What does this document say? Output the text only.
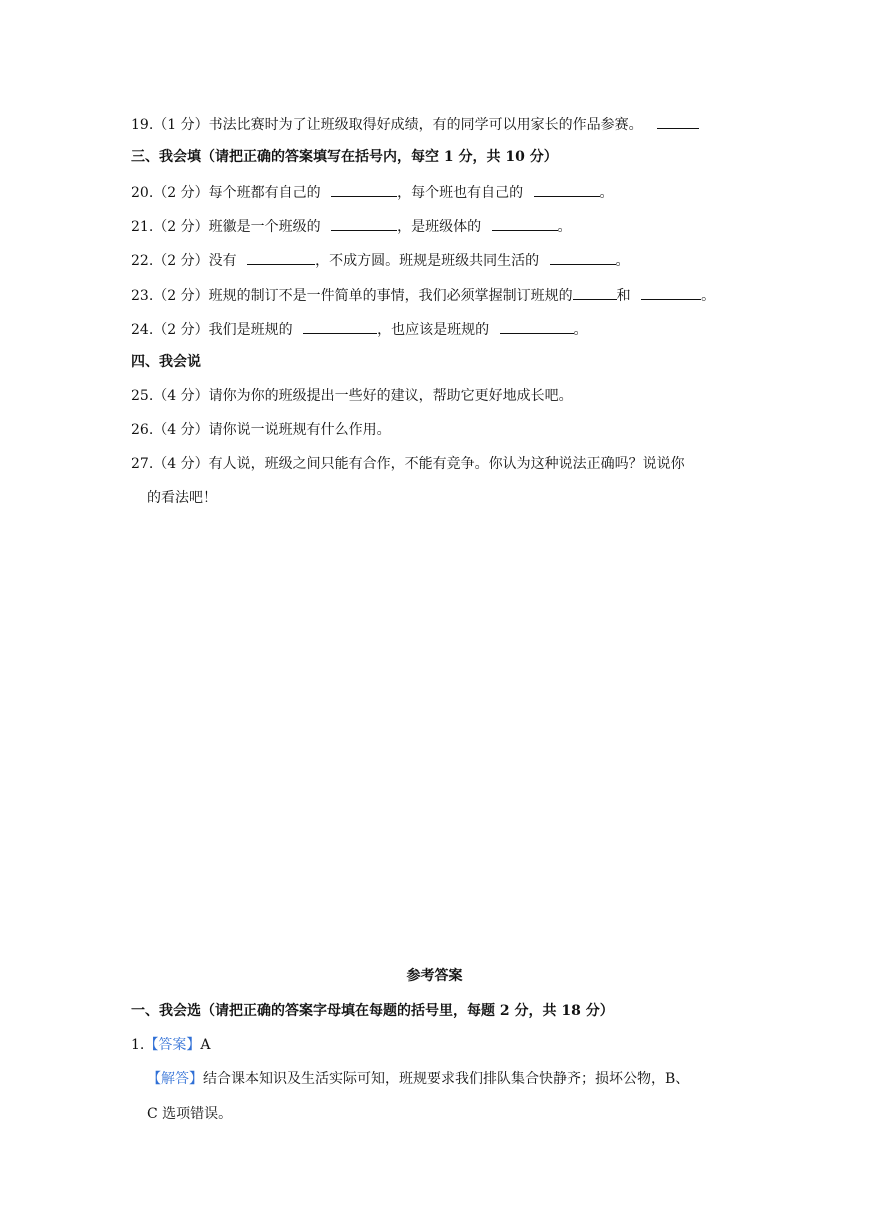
19.（1 分）书法比赛时为了让班级取得好成绩，有的同学可以用家长的作品参赛。
三、我会填（请把正确的答案填写在括号内，每空 1 分，共 10 分）
20.（2 分）每个班都有自己的	，每个班也有自己的	。
21.（2 分）班徽是一个班级的	，是班级体的	。
22.（2 分）没有	，不成方圆。班规是班级共同生活的	。
23.（2 分）班规的制订不是一件简单的事情，我们必须掌握制订班规的	和	。
24.（2 分）我们是班规的	，也应该是班规的	。
四、我会说
25.（4 分）请你为你的班级提出一些好的建议，帮助它更好地成长吧。
26.（4 分）请你说一说班规有什么作用。
27.（4 分）有人说，班级之间只能有合作，不能有竞争。你认为这种说法正确吗？说说你
的看法吧！
参考答案
一、我会选（请把正确的答案字母填在每题的括号里，每题 2 分，共 18 分）
1.【答案】A
【解答】结合课本知识及生活实际可知，班规要求我们排队集合快静齐；损坏公物，B、
C 选项错误。
